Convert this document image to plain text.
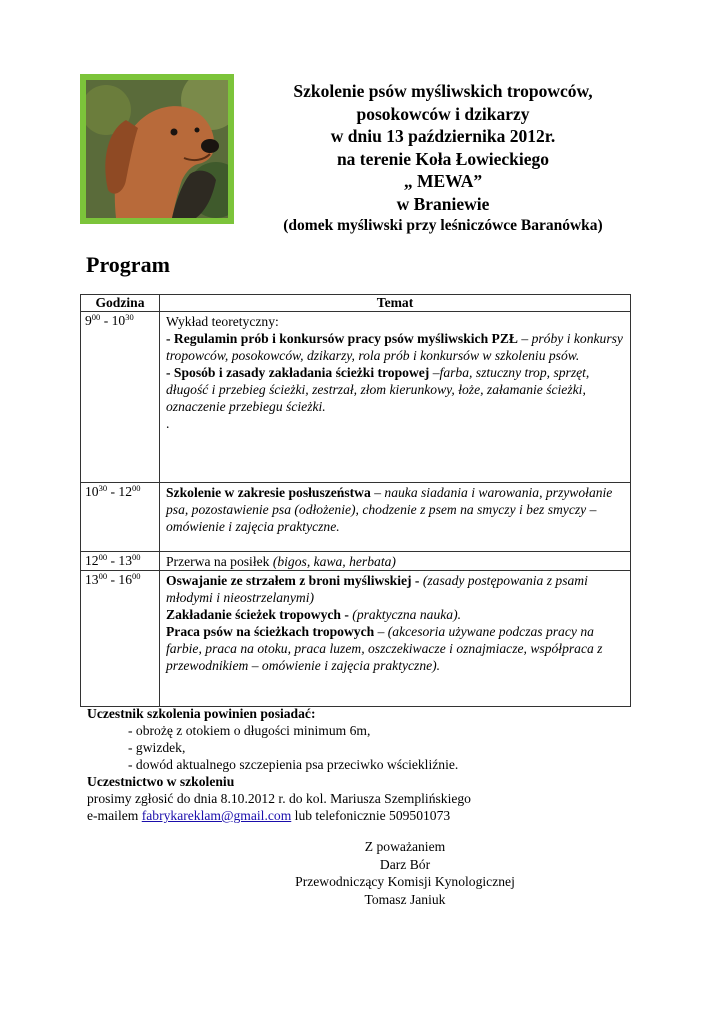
Szkolenie psów myśliwskich tropowców,
posokowców i dzikarzy
w dniu 13 października 2012r.
na terenie Koła Łowieckiego
„ MEWA”
w Braniewie
(domek myśliwski przy leśniczówce Baranówka)
Program
Godzina	Temat
$9^{00} - 10^{30}$	Wykład teoretyczny:
- Regulamin prób i konkursów pracy psów myśliwskich PZŁ – próby i konkursy tropowców, posokowców, dzikarzy, rola prób i konkursów w szkoleniu psów.
- Sposób i zasady zakładania ścieżki tropowej –farba, sztuczny trop, sprzęt, długość i przebieg ścieżki, zestrzał, złom kierunkowy, łoże, załamanie ścieżki, oznaczenie przebiegu ścieżki.
.

$10^{30} - 12^{00}$	Szkolenie w zakresie posłuszeństwa – nauka siadania i warowania, przywołanie psa, pozostawienie psa (odłożenie), chodzenie z psem na smyczy i bez smyczy – omówienie i zajęcia praktyczne.
$12^{00} - 13^{00}$	Przerwa na posiłek (bigos, kawa, herbata)
$13^{00} - 16^{00}$	Oswajanie ze strzałem z broni myśliwskiej - (zasady postępowania z psami młodymi i nieostrzelanymi)
Zakładanie ścieżek tropowych - (praktyczna nauka).
Praca psów na ścieżkach tropowych – (akcesoria używane podczas pracy na farbie, praca na otoku, praca luzem, oszczekiwacze i oznajmiacze, współpraca z przewodnikiem – omówienie i zajęcia praktyczne).
Uczestnik szkolenia powinien posiadać:
- obrożę z otokiem o długości minimum 6m,
- gwizdek,
- dowód aktualnego szczepienia psa przeciwko wściekliźnie.
Uczestnictwo w szkoleniu
prosimy zgłosić do dnia 8.10.2012 r. do kol. Mariusza Szemplińskiego
e-mailem fabrykareklam@gmail.com lub telefonicznie 509501073
Z poważaniem
Darz Bór
Przewodniczący Komisji Kynologicznej
Tomasz Janiuk
